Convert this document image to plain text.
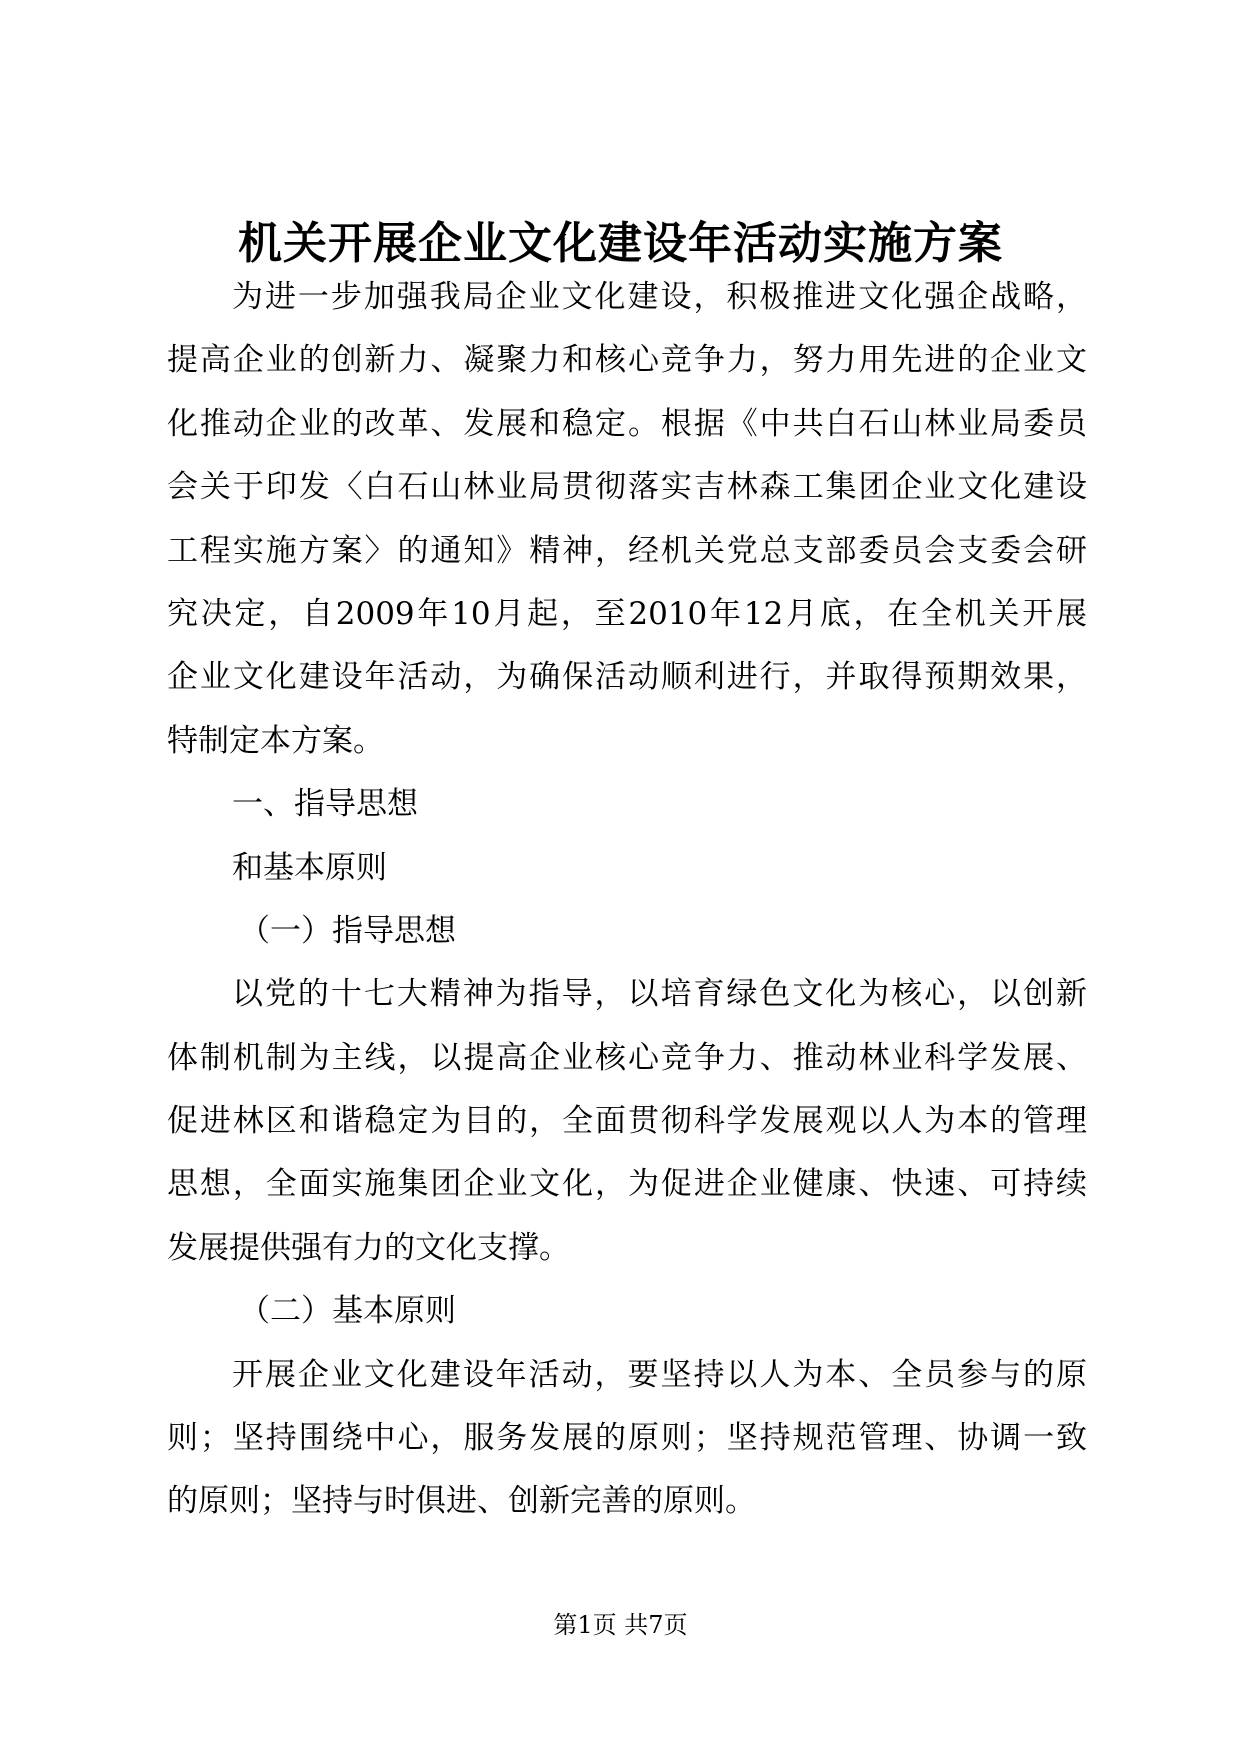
机关开展企业文化建设年活动实施方案
为进一步加强我局企业文化建设，积极推进文化强企战略，
提高企业的创新力、凝聚力和核心竞争力，努力用先进的企业文
化推动企业的改革、发展和稳定。根据《中共白石山林业局委员
会关于印发〈白石山林业局贯彻落实吉林森工集团企业文化建设
工程实施方案〉的通知》精神，经机关党总支部委员会支委会研
究决定，自2009年10月起，至2010年12月底，在全机关开展
企业文化建设年活动，为确保活动顺利进行，并取得预期效果，
特制定本方案。
一、指导思想
和基本原则
（一）指导思想
以党的十七大精神为指导，以培育绿色文化为核心，以创新
体制机制为主线，以提高企业核心竞争力、推动林业科学发展、
促进林区和谐稳定为目的，全面贯彻科学发展观以人为本的管理
思想，全面实施集团企业文化，为促进企业健康、快速、可持续
发展提供强有力的文化支撑。
（二）基本原则
开展企业文化建设年活动，要坚持以人为本、全员参与的原
则；坚持围绕中心，服务发展的原则；坚持规范管理、协调一致
的原则；坚持与时俱进、创新完善的原则。
第1页 共7页
